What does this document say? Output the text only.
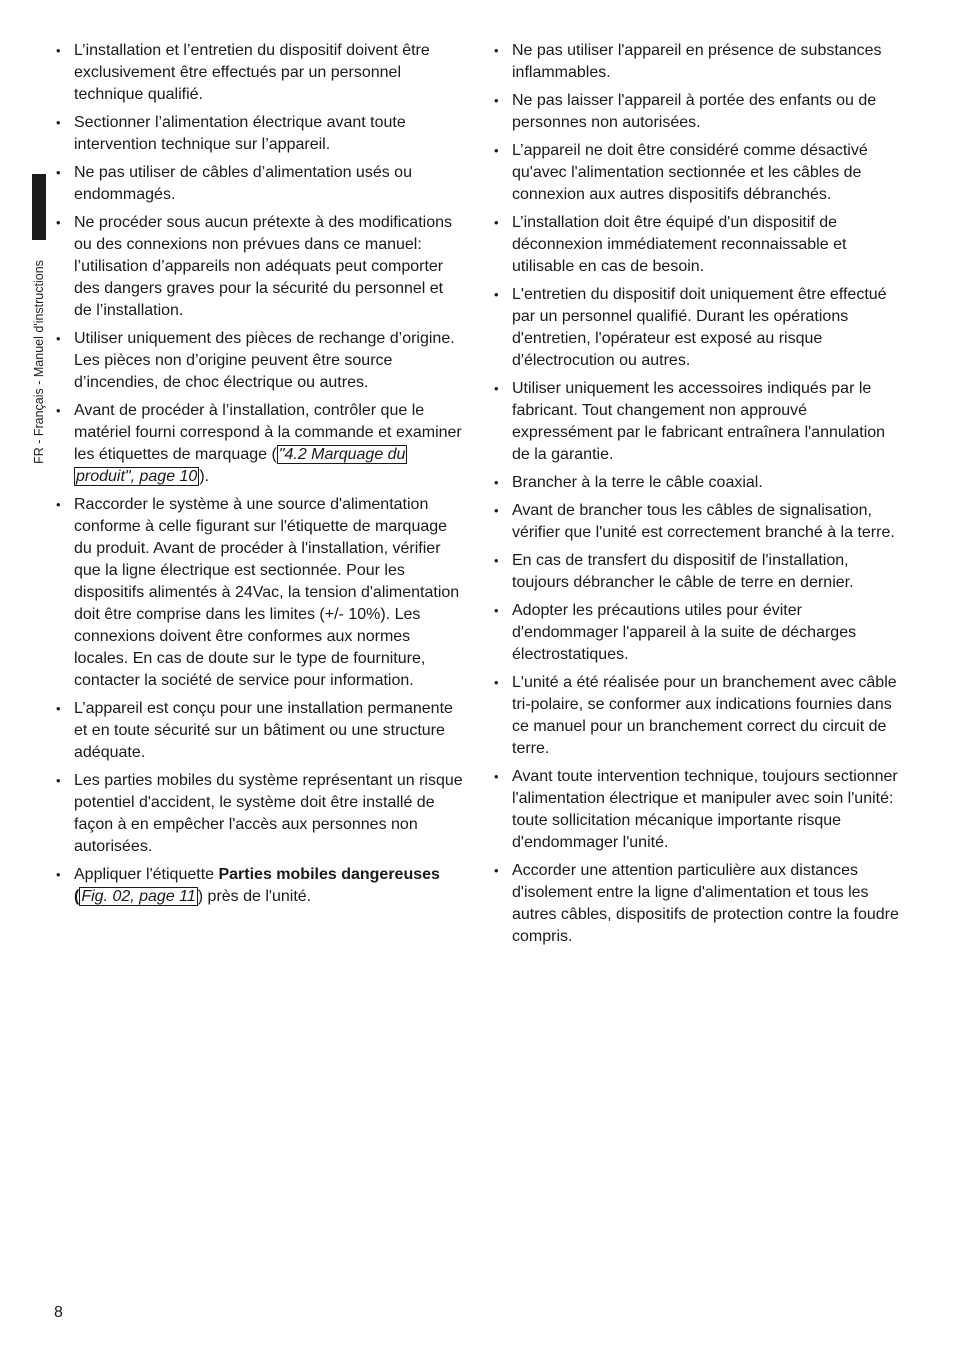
FR - Français - Manuel d'instructions
• L’installation et l’entretien du dispositif doivent être exclusivement être effectués par un personnel technique qualifié.
• Sectionner l’alimentation électrique avant toute intervention technique sur l’appareil.
• Ne pas utiliser de câbles d’alimentation usés ou endommagés.
• Ne procéder sous aucun prétexte à des modifications ou des connexions non prévues dans ce manuel: l’utilisation d’appareils non adéquats peut comporter des dangers graves pour la sécurité du personnel et de l’installation.
• Utiliser uniquement des pièces de rechange d’origine. Les pièces non d’origine peuvent être source d’incendies, de choc électrique ou autres.
• Avant de procéder à l’installation, contrôler que le matériel fourni correspond à la commande et examiner les étiquettes de marquage ( "4.2 Marquage du produit", page 10 ).
• Raccorder le système à une source d'alimentation conforme à celle figurant sur l'étiquette de marquage du produit. Avant de procéder à l'installation, vérifier que la ligne électrique est sectionnée. Pour les dispositifs alimentés à 24Vac, la tension d'alimentation doit être comprise dans les limites (+/- 10%). Les connexions doivent être conformes aux normes locales. En cas de doute sur le type de fourniture, contacter la société de service pour information.
• L’appareil est conçu pour une installation permanente et en toute sécurité sur un bâtiment ou une structure adéquate.
• Les parties mobiles du système représentant un risque potentiel d'accident, le système doit être installé de façon à en empêcher l'accès aux personnes non autorisées.
• Appliquer l'étiquette Parties mobiles dangereuses ( Fig. 02, page 11 ) près de l'unité.
• Ne pas utiliser l'appareil en présence de substances inflammables.
• Ne pas laisser l'appareil à portée des enfants ou de personnes non autorisées.
• L’appareil ne doit être considéré comme désactivé qu'avec l'alimentation sectionnée et les câbles de connexion aux autres dispositifs débranchés.
• L’installation doit être équipé d'un dispositif de déconnexion immédiatement reconnaissable et utilisable en cas de besoin.
• L'entretien du dispositif doit uniquement être effectué par un personnel qualifié. Durant les opérations d'entretien, l'opérateur est exposé au risque d'électrocution ou autres.
• Utiliser uniquement les accessoires indiqués par le fabricant. Tout changement non approuvé expressément par le fabricant entraînera l'annulation de la garantie.
• Brancher à la terre le câble coaxial.
• Avant de brancher tous les câbles de signalisation, vérifier que l'unité est correctement branché à la terre.
• En cas de transfert du dispositif de l'installation, toujours débrancher le câble de terre en dernier.
• Adopter les précautions utiles pour éviter d'endommager l'appareil à la suite de décharges électrostatiques.
• L'unité a été réalisée pour un branchement avec câble tri-polaire, se conformer aux indications fournies dans ce manuel pour un branchement correct du circuit de terre.
• Avant toute intervention technique, toujours sectionner l'alimentation électrique et manipuler avec soin l'unité: toute sollicitation mécanique importante risque d'endommager l'unité.
• Accorder une attention particulière aux distances d'isolement entre la ligne d'alimentation et tous les autres câbles, dispositifs de protection contre la foudre compris.
8
